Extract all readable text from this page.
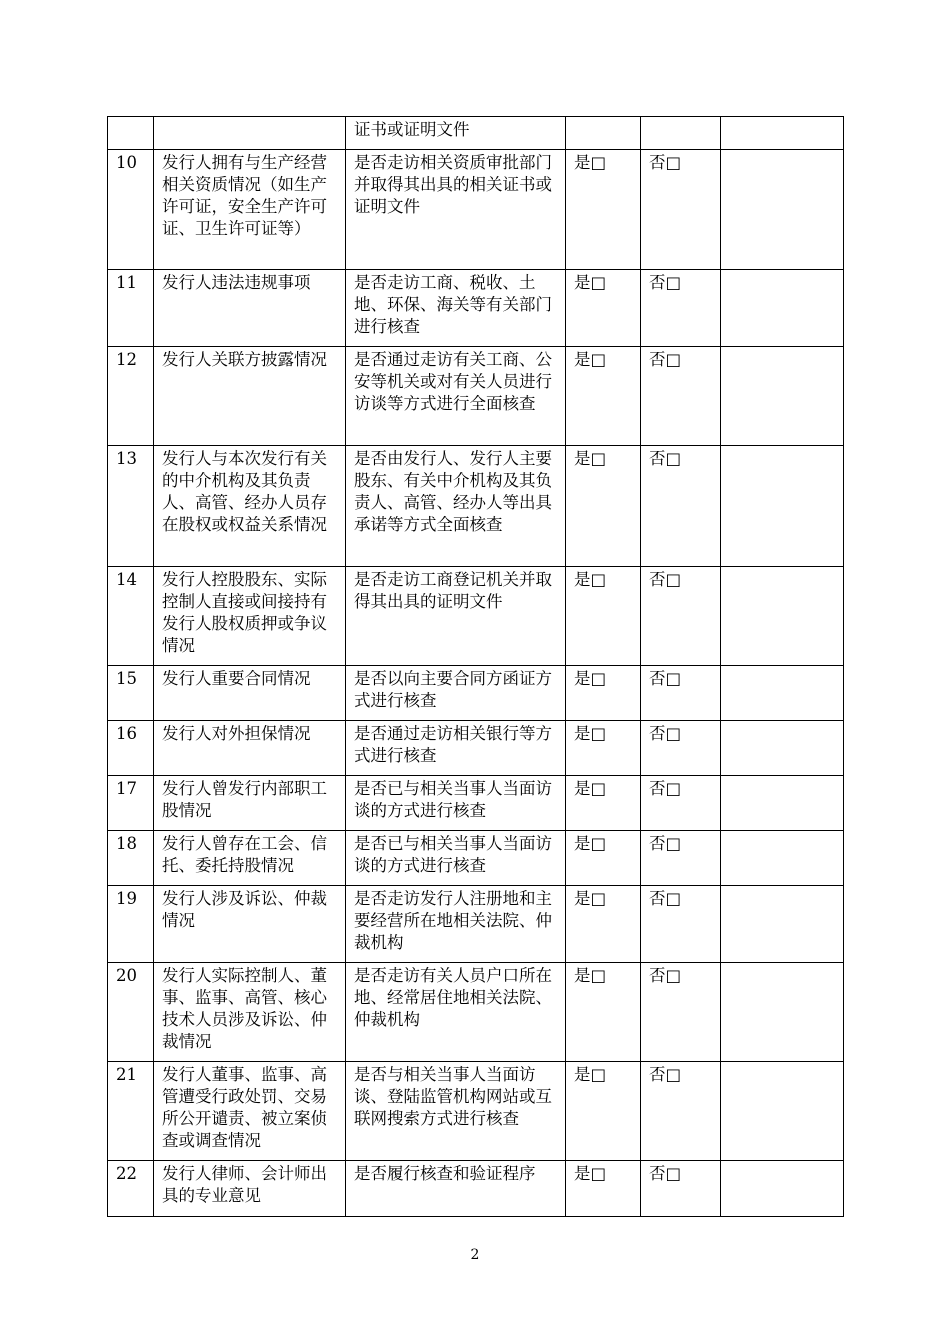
		证书或证明文件			
10	发行人拥有与生产经营相关资质情况（如生产许可证，安全生产许可证、卫生许可证等）	是否走访相关资质审批部门并取得其出具的相关证书或证明文件	是□	否□	
11	发行人违法违规事项	是否走访工商、税收、土地、环保、海关等有关部门进行核查	是□	否□	
12	发行人关联方披露情况	是否通过走访有关工商、公安等机关或对有关人员进行访谈等方式进行全面核查	是□	否□	
13	发行人与本次发行有关的中介机构及其负责人、高管、经办人员存在股权或权益关系情况	是否由发行人、发行人主要股东、有关中介机构及其负责人、高管、经办人等出具承诺等方式全面核查	是□	否□	
14	发行人控股股东、实际控制人直接或间接持有发行人股权质押或争议情况	是否走访工商登记机关并取得其出具的证明文件	是□	否□	
15	发行人重要合同情况	是否以向主要合同方函证方式进行核查	是□	否□	
16	发行人对外担保情况	是否通过走访相关银行等方式进行核查	是□	否□	
17	发行人曾发行内部职工股情况	是否已与相关当事人当面访谈的方式进行核查	是□	否□	
18	发行人曾存在工会、信托、委托持股情况	是否已与相关当事人当面访谈的方式进行核查	是□	否□	
19	发行人涉及诉讼、仲裁情况	是否走访发行人注册地和主要经营所在地相关法院、仲裁机构	是□	否□	
20	发行人实际控制人、董事、监事、高管、核心技术人员涉及诉讼、仲裁情况	是否走访有关人员户口所在地、经常居住地相关法院、仲裁机构	是□	否□	
21	发行人董事、监事、高管遭受行政处罚、交易所公开谴责、被立案侦查或调查情况	是否与相关当事人当面访谈、登陆监管机构网站或互联网搜索方式进行核查	是□	否□	
22	发行人律师、会计师出具的专业意见	是否履行核查和验证程序	是□	否□	
2
